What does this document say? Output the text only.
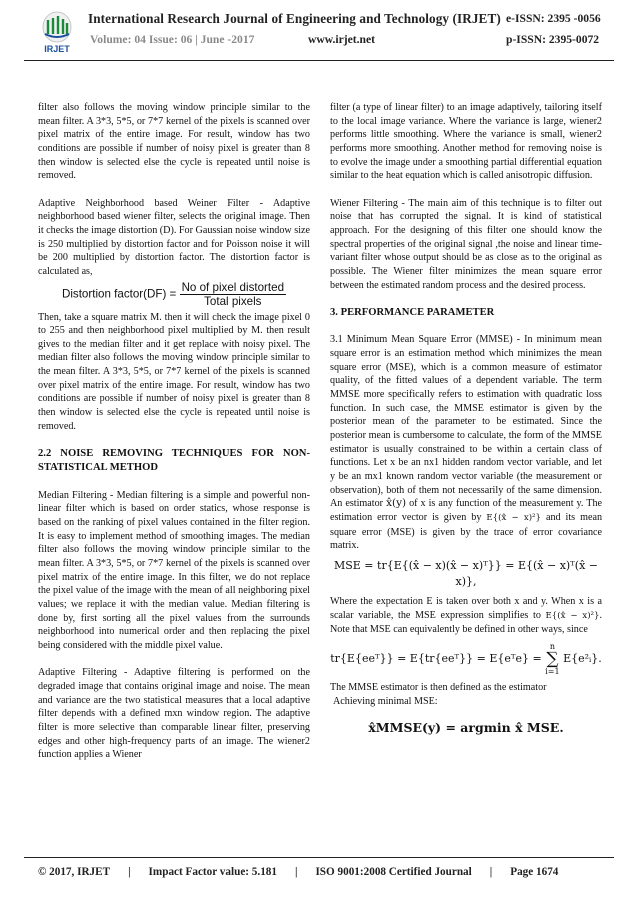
IRJET
International Research Journal of Engineering and Technology (IRJET) e-ISSN: 2395 -0056
Volume: 04 Issue: 06 | June -2017	www.irjet.net	p-ISSN: 2395-0072

filter also follows the moving window principle similar to the mean filter. A 3*3, 5*5, or 7*7 kernel of the pixels is scanned over pixel matrix of the entire image. For result, window has two conditions are possible if number of noisy pixel is greater than 8 then window is selected else the cycle is repeated until noise is removed.

Adaptive Neighborhood based Weiner Filter - Adaptive neighborhood based wiener filter, selects the original image. Then it checks the image distortion (D). For Gaussian noise window size is 250 multiplied by distortion factor and for Poisson noise it will be 200 multiplied by distortion factor. The distortion factor is calculated as,

Distortion factor(DF) = $\frac{\text{No of pixel distorted}}{\text{Total pixels}}$

Then, take a square matrix M. then it will check the image pixel 0 to 255 and then neighborhood pixel multiplied by M. then result gives to the median filter and it get replace with noisy pixel. The median filter also follows the moving window principle similar to the mean filter. A 3*3, 5*5, or 7*7 kernel of the pixels is scanned over pixel matrix of the entire image. For result, window has two conditions are possible if number of noisy pixel is greater than 8 then window is selected else the cycle is repeated until noise is removed.

2.2 NOISE REMOVING TECHNIQUES FOR NON-STATISTICAL METHOD

Median Filtering - Median filtering is a simple and powerful non-linear filter which is based on order statics, whose response is based on the ranking of pixel values contained in the filter region. It is easy to implement method of smoothing images. The median filter also follows the moving window principle similar to the mean filter. A 3*3, 5*5, or 7*7 kernel of the pixels is scanned over pixel matrix of the entire image. In this filter, we do not replace the pixel value of the image with the mean of all neighboring pixel values; we replace it with the median value. Median filtering is done by, first sorting all the pixel values from the surrounds neighborhood into numerical order and then replacing the pixel being considered with the middle pixel value.

Adaptive Filtering - Adaptive filtering is performed on the degraded image that contains original image and noise. The mean and variance are the two statistical measures that a local adaptive filter depends with a defined mxn window region. The adaptive filter is more selective than comparable linear filter, preserving edges and other high-frequency parts of an image. The wiener2 function applies a Wiener

filter (a type of linear filter) to an image adaptively, tailoring itself to the local image variance. Where the variance is large, wiener2 performs little smoothing. Where the variance is small, wiener2 performs more smoothing. Another method for removing noise is to evolve the image under a smoothing partial differential equation similar to the heat equation which is called anisotropic diffusion.

Wiener Filtering - The main aim of this technique is to filter out noise that has corrupted the signal. It is kind of statistical approach. For the designing of this filter one should know the spectral properties of the original signal ,the noise and linear time-variant filter whose output should be as close as to the original as possible. The Wiener filter minimizes the mean square error between the estimated random process and the desired process.

3. PERFORMANCE PARAMETER

3.1 Minimum Mean Square Error (MMSE) - In minimum mean square error is an estimation method which minimizes the mean square error (MSE), which is a common measure of estimator quality, of the fitted values of a dependent variable. The term MMSE more specifically refers to estimation with quadratic loss function. In such case, the MMSE estimator is given by the posterior mean of the parameter to be estimated. Since the posterior mean is cumbersome to calculate, the form of the MMSE estimator is usually constrained to be within a certain class of functions. Let x be an nx1 hidden random vector variable, and let y be an mx1 known random vector variable (the measurement or observation), both of them not necessarily of the same dimension. An estimator x̂(y) of x is any function of the measurement y. The estimation error vector is given by E{(x̂ − x)²} and its mean square error (MSE) is given by the trace of error covariance matrix.

MSE = tr{E{(x̂ − x)(x̂ − x)ᵀ}} = E{(x̂ − x)ᵀ(x̂ − x)},

Where the expectation E is taken over both x and y. When x is a scalar variable, the MSE expression simplifies to E{(x̂ − x)²}. Note that MSE can equivalently be defined in other ways, since

tr{E{eeᵀ}} = E{tr{eeᵀ}} = E{eᵀe} =
n
∑
i=1
E{e²ᵢ}.

The MMSE estimator is then defined as the estimator

Achieving minimal MSE:

x̂MMSE(y) = argmin x̂ MSE.
© 2017, IRJET | Impact Factor value: 5.181 | ISO 9001:2008 Certified Journal | Page 1674
